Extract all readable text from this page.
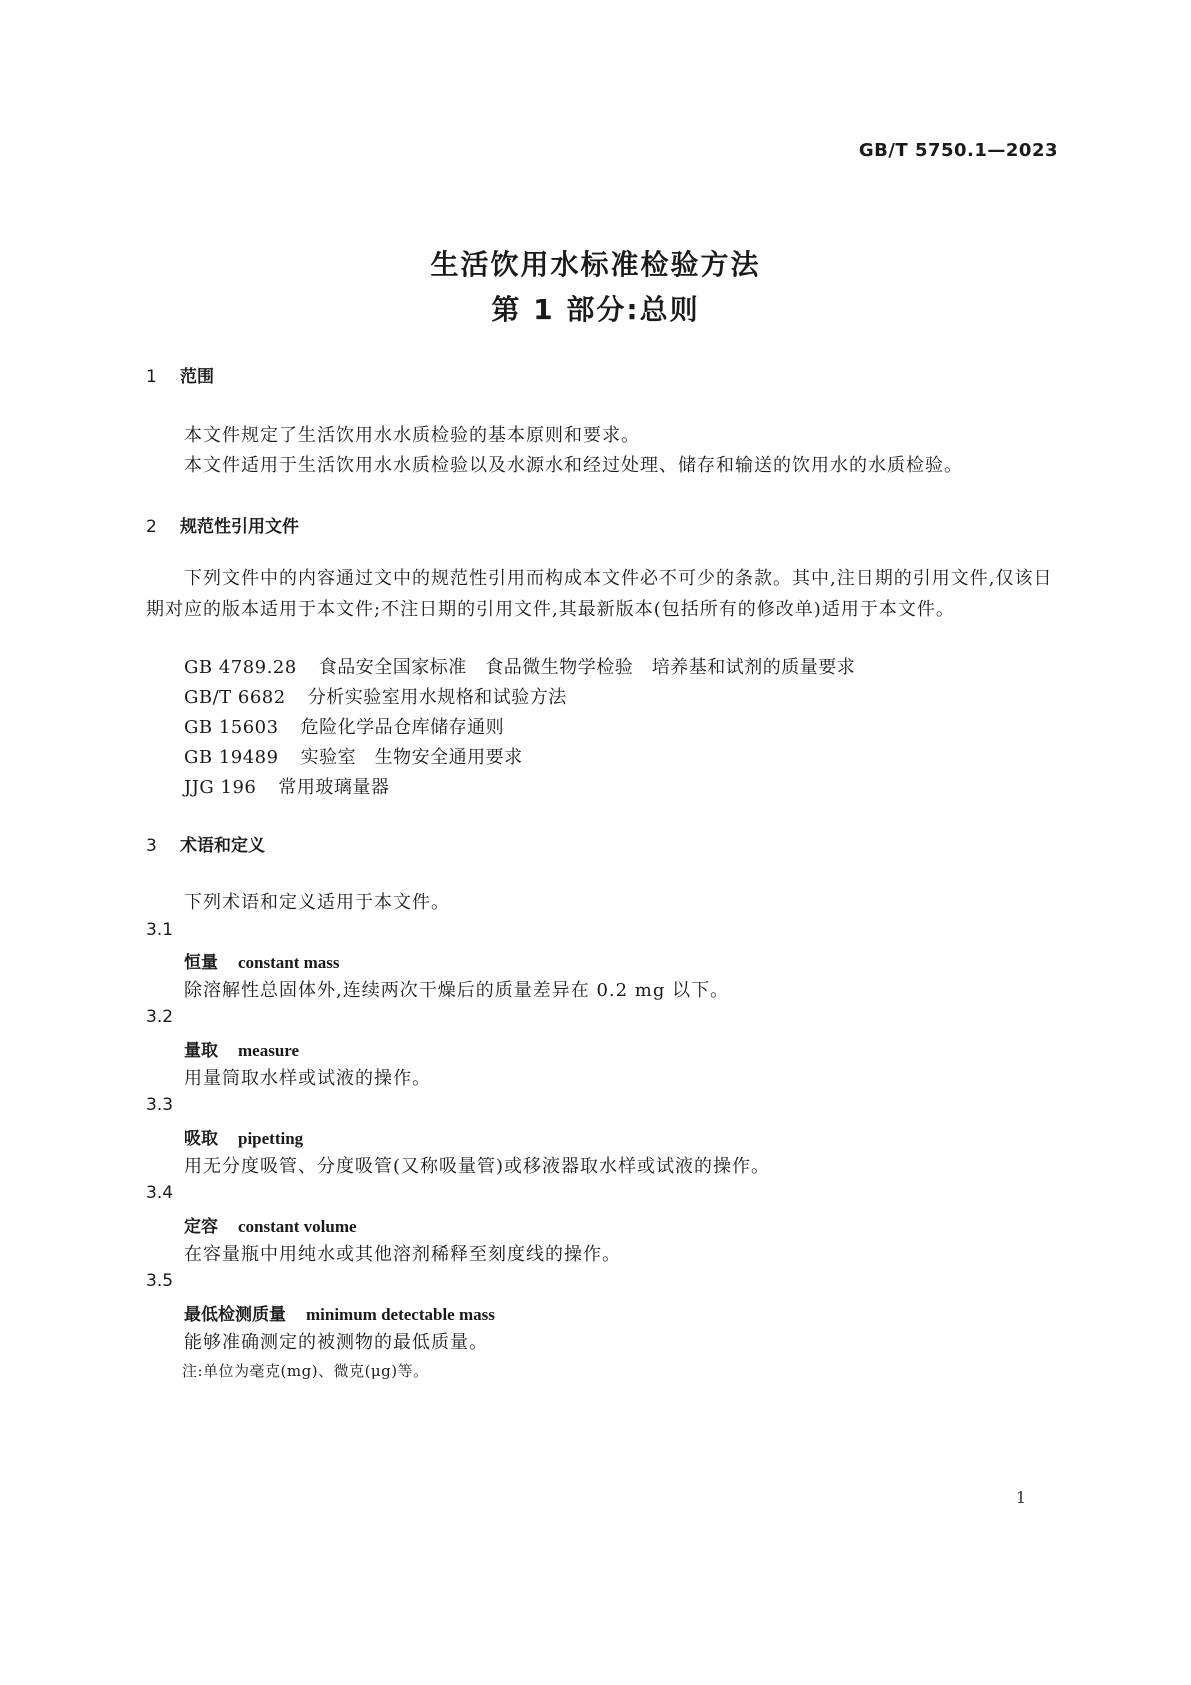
GB/T 5750.1—2023
生活饮用水标准检验方法
第 1 部分:总则
1 范围
本文件规定了生活饮用水水质检验的基本原则和要求。
本文件适用于生活饮用水水质检验以及水源水和经过处理、储存和输送的饮用水的水质检验。
2 规范性引用文件
下列文件中的内容通过文中的规范性引用而构成本文件必不可少的条款。其中,注日期的引用文件,仅该日期对应的版本适用于本文件;不注日期的引用文件,其最新版本(包括所有的修改单)适用于本文件。
GB 4789.28 食品安全国家标准　食品微生物学检验　培养基和试剂的质量要求
GB/T 6682 分析实验室用水规格和试验方法
GB 15603 危险化学品仓库储存通则
GB 19489 实验室　生物安全通用要求
JJG 196 常用玻璃量器
3 术语和定义
下列术语和定义适用于本文件。
3.1
恒量 constant mass
除溶解性总固体外,连续两次干燥后的质量差异在 0.2 mg 以下。
3.2
量取 measure
用量筒取水样或试液的操作。
3.3
吸取 pipetting
用无分度吸管、分度吸管(又称吸量管)或移液器取水样或试液的操作。
3.4
定容 constant volume
在容量瓶中用纯水或其他溶剂稀释至刻度线的操作。
3.5
最低检测质量 minimum detectable mass
能够准确测定的被测物的最低质量。
注:单位为毫克(mg)、微克(μg)等。
1
